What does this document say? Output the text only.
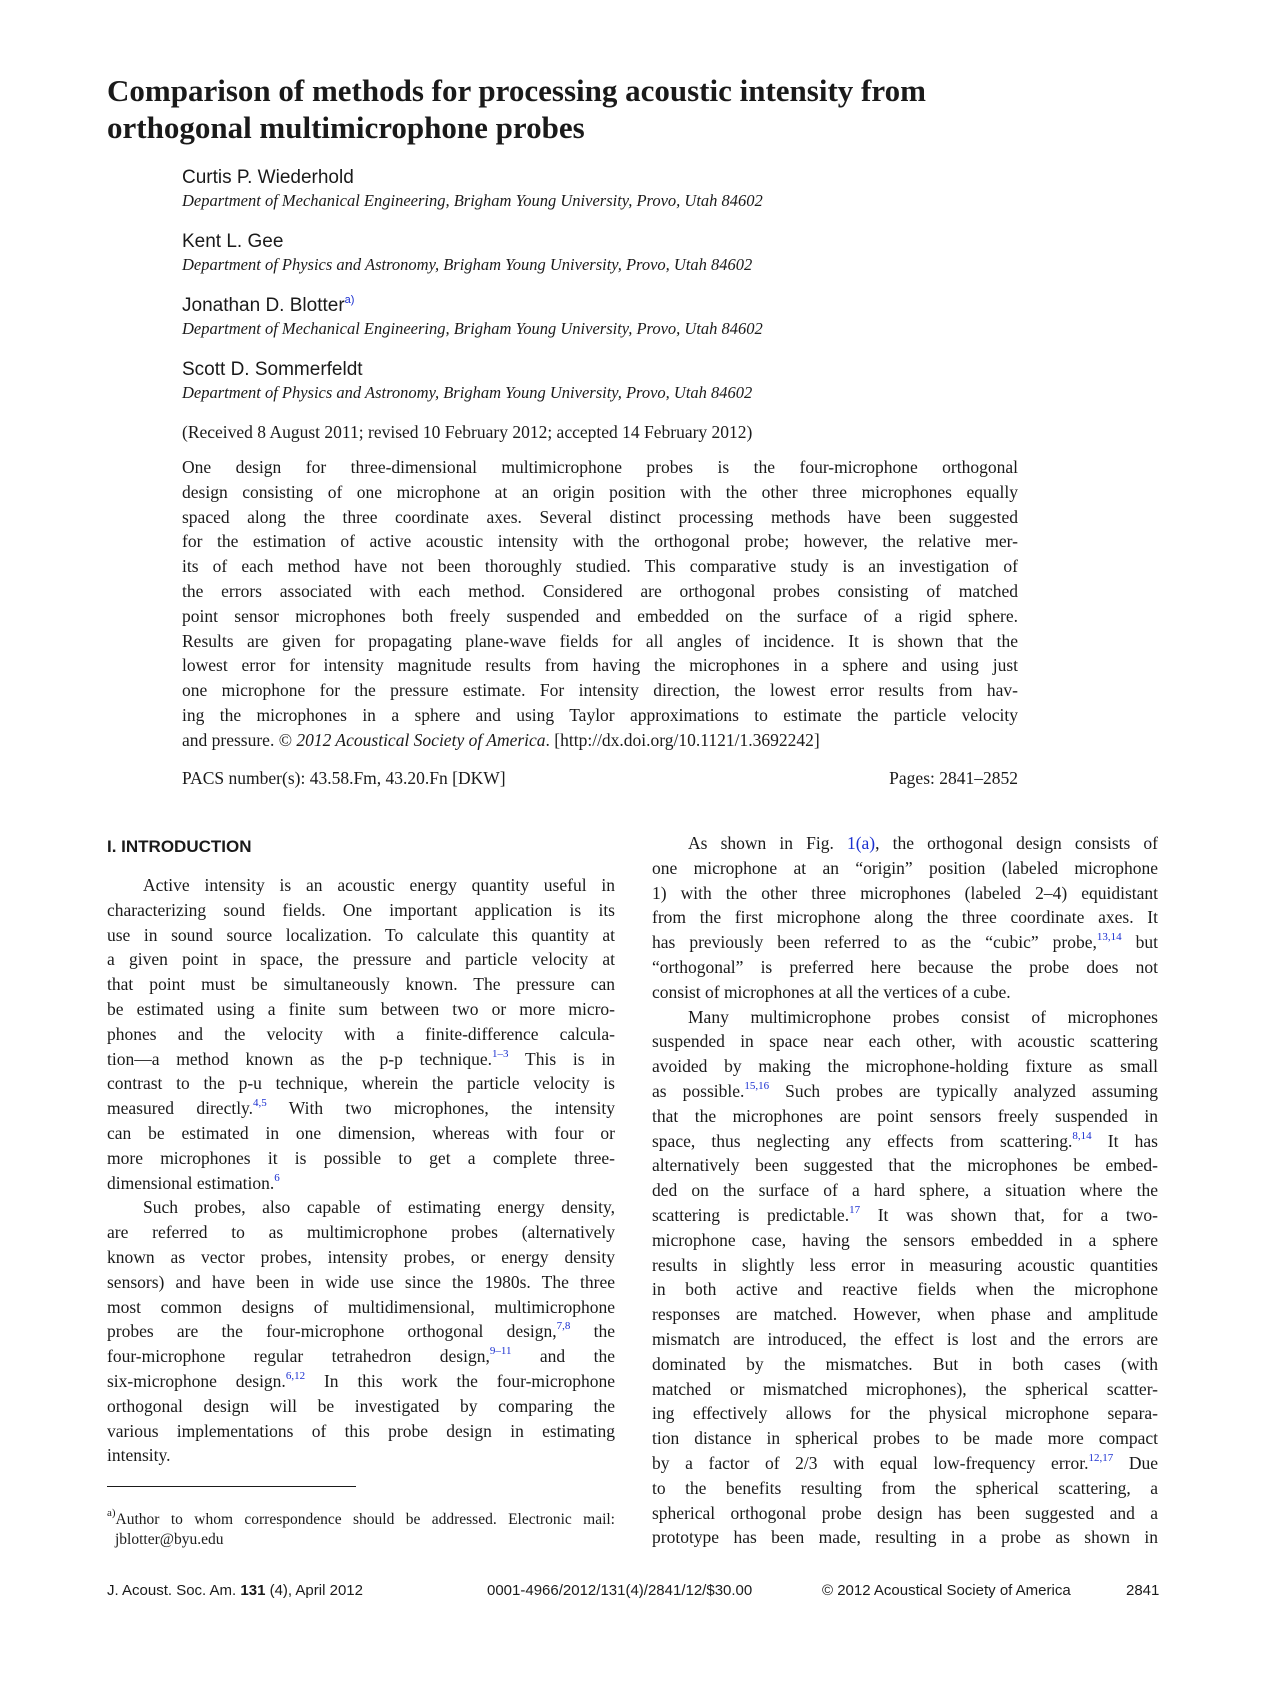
Comparison of methods for processing acoustic intensity from
orthogonal multimicrophone probes
Curtis P. Wiederhold
Department of Mechanical Engineering, Brigham Young University, Provo, Utah 84602
Kent L. Gee
Department of Physics and Astronomy, Brigham Young University, Provo, Utah 84602
Jonathan D. Blotter$^{a)}$
Department of Mechanical Engineering, Brigham Young University, Provo, Utah 84602
Scott D. Sommerfeldt
Department of Physics and Astronomy, Brigham Young University, Provo, Utah 84602
(Received 8 August 2011; revised 10 February 2012; accepted 14 February 2012)
One design for three-dimensional multimicrophone probes is the four-microphone orthogonal
design consisting of one microphone at an origin position with the other three microphones equally
spaced along the three coordinate axes. Several distinct processing methods have been suggested
for the estimation of active acoustic intensity with the orthogonal probe; however, the relative mer-
its of each method have not been thoroughly studied. This comparative study is an investigation of
the errors associated with each method. Considered are orthogonal probes consisting of matched
point sensor microphones both freely suspended and embedded on the surface of a rigid sphere.
Results are given for propagating plane-wave fields for all angles of incidence. It is shown that the
lowest error for intensity magnitude results from having the microphones in a sphere and using just
one microphone for the pressure estimate. For intensity direction, the lowest error results from hav-
ing the microphones in a sphere and using Taylor approximations to estimate the particle velocity
and pressure. © 2012 Acoustical Society of America. [http://dx.doi.org/10.1121/1.3692242]
PACS number(s): 43.58.Fm, 43.20.Fn [DKW]	Pages: 2841–2852
I. INTRODUCTION
Active intensity is an acoustic energy quantity useful in
characterizing sound fields. One important application is its
use in sound source localization. To calculate this quantity at
a given point in space, the pressure and particle velocity at
that point must be simultaneously known. The pressure can
be estimated using a finite sum between two or more micro-
phones and the velocity with a finite-difference calcula-
tion—a method known as the p-p technique.$^{1-3}$ This is in
contrast to the p-u technique, wherein the particle velocity is
measured directly.$^{4,5}$ With two microphones, the intensity
can be estimated in one dimension, whereas with four or
more microphones it is possible to get a complete three-
dimensional estimation.$^6$
Such probes, also capable of estimating energy density,
are referred to as multimicrophone probes (alternatively
known as vector probes, intensity probes, or energy density
sensors) and have been in wide use since the 1980s. The three
most common designs of multidimensional, multimicrophone
probes are the four-microphone orthogonal design,$^{7,8}$ the
four-microphone regular tetrahedron design,$^{9-11}$ and the
six-microphone design.$^{6,12}$ In this work the four-microphone
orthogonal design will be investigated by comparing the
various implementations of this probe design in estimating
intensity.
As shown in Fig. 1(a), the orthogonal design consists of
one microphone at an “origin” position (labeled microphone
1) with the other three microphones (labeled 2–4) equidistant
from the first microphone along the three coordinate axes. It
has previously been referred to as the “cubic” probe,$^{13,14}$ but
“orthogonal” is preferred here because the probe does not
consist of microphones at all the vertices of a cube.
Many multimicrophone probes consist of microphones
suspended in space near each other, with acoustic scattering
avoided by making the microphone-holding fixture as small
as possible.$^{15,16}$ Such probes are typically analyzed assuming
that the microphones are point sensors freely suspended in
space, thus neglecting any effects from scattering.$^{8,14}$ It has
alternatively been suggested that the microphones be embed-
ded on the surface of a hard sphere, a situation where the
scattering is predictable.$^{17}$ It was shown that, for a two-
microphone case, having the sensors embedded in a sphere
results in slightly less error in measuring acoustic quantities
in both active and reactive fields when the microphone
responses are matched. However, when phase and amplitude
mismatch are introduced, the effect is lost and the errors are
dominated by the mismatches. But in both cases (with
matched or mismatched microphones), the spherical scatter-
ing effectively allows for the physical microphone separa-
tion distance in spherical probes to be made more compact
by a factor of 2/3 with equal low-frequency error.$^{12,17}$ Due
to the benefits resulting from the spherical scattering, a
spherical orthogonal probe design has been suggested and a
prototype has been made, resulting in a probe as shown in
$^{a)}$Author to whom correspondence should be addressed. Electronic mail:
jblotter@byu.edu
J. Acoust. Soc. Am. 131 (4), April 2012	0001-4966/2012/131(4)/2841/12/$30.00	© 2012 Acoustical Society of America	2841
